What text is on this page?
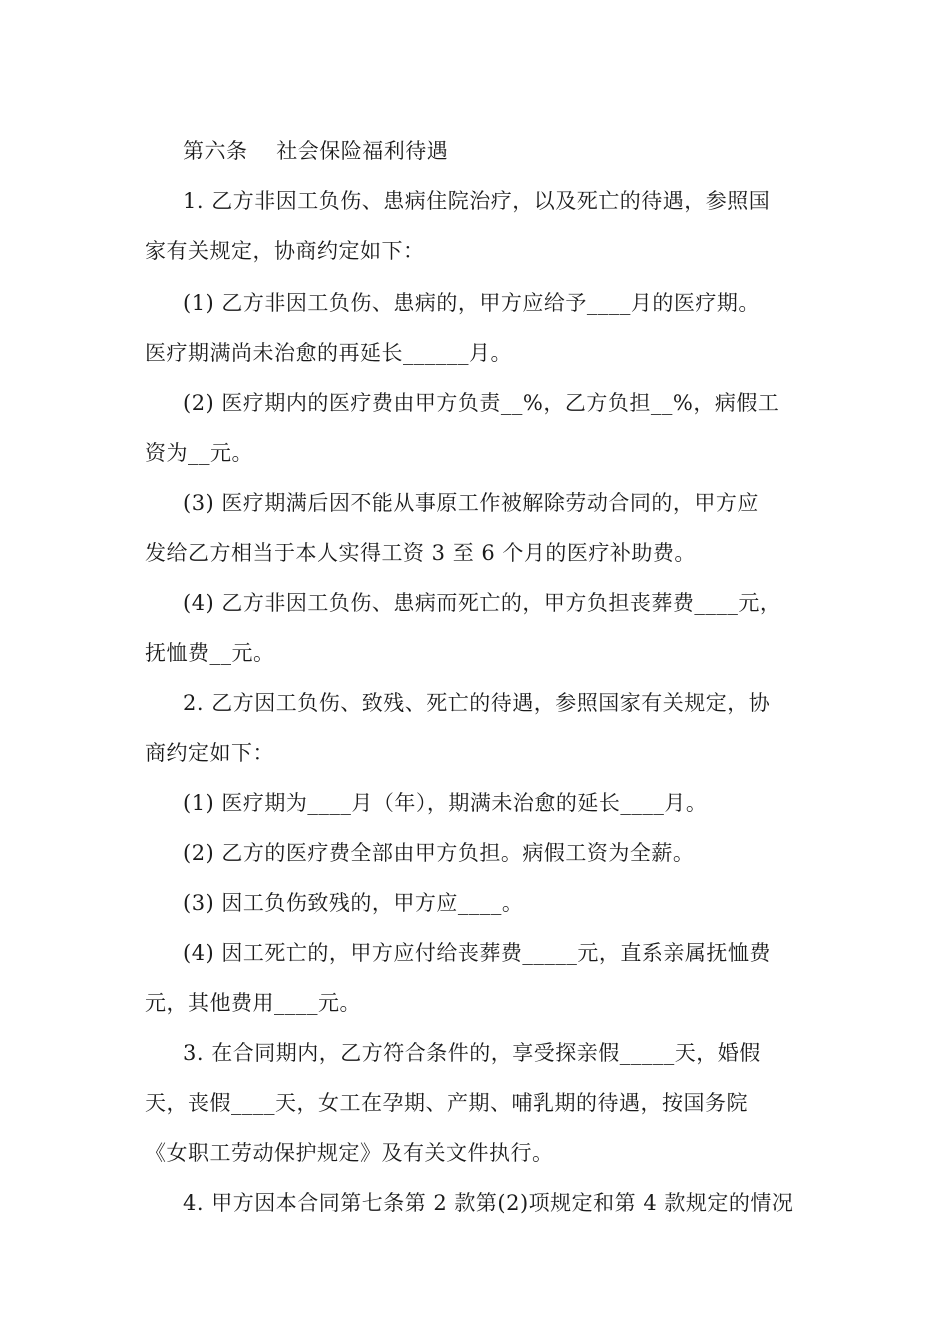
第六条    社会保险福利待遇
1. 乙方非因工负伤、患病住院治疗，以及死亡的待遇，参照国
家有关规定，协商约定如下：
(1) 乙方非因工负伤、患病的，甲方应给予____月的医疗期。
医疗期满尚未治愈的再延长______月。
(2) 医疗期内的医疗费由甲方负责__%，乙方负担__%，病假工
资为__元。
(3) 医疗期满后因不能从事原工作被解除劳动合同的，甲方应
发给乙方相当于本人实得工资 3 至 6 个月的医疗补助费。
(4) 乙方非因工负伤、患病而死亡的，甲方负担丧葬费____元，
抚恤费__元。
2. 乙方因工负伤、致残、死亡的待遇，参照国家有关规定，协
商约定如下：
(1) 医疗期为____月（年），期满未治愈的延长____月。
(2) 乙方的医疗费全部由甲方负担。病假工资为全薪。
(3) 因工负伤致残的，甲方应____。
(4) 因工死亡的，甲方应付给丧葬费_____元，直系亲属抚恤费
元，其他费用____元。
3. 在合同期内，乙方符合条件的，享受探亲假_____天，婚假
天，丧假____天，女工在孕期、产期、哺乳期的待遇，按国务院
《女职工劳动保护规定》及有关文件执行。
4. 甲方因本合同第七条第 2 款第(2)项规定和第 4 款规定的情况
